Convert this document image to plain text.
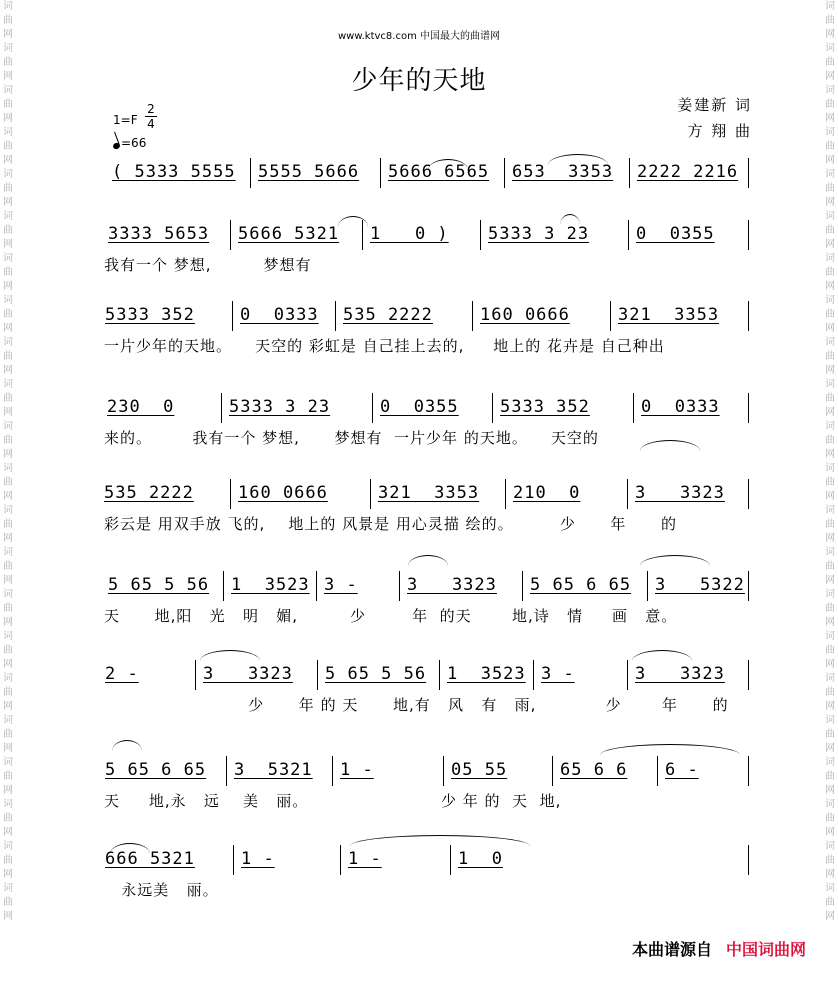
词
曲
网
词
曲
网
词
曲
网
词
曲
网
词
曲
网
词
曲
网
词
曲
网
词
曲
网
词
曲
网
词
曲
网
词
曲
网
词
曲
网
词
曲
网
词
曲
网
词
曲
网
词
曲
网
词
曲
网
词
曲
网
词
曲
网
词
曲
网
词
曲
网
词
曲
网
词
曲
网
词
曲
网
词
曲
网
词
曲
网
词
曲
网
词
曲
网
词
曲
网
词
曲
网
词
曲
网
词
曲
网
词
曲
网
词
曲
网
词
曲
网
词
曲
网
词
曲
网
词
曲
网
词
曲
网
词
曲
网
词
曲
网
词
曲
网
词
曲
网
词
曲
网
www.ktvc8.com 中国最大的曲谱网
少年的天地
姜建新 词
方 翔 曲
$1=F \frac{2}{4}$
=66
( 5333 5555 5555 5666 5666 6565 653  3353 2222 2216
3333 5653 5666 5321 1   0 ) 5333 3 23	0  0355
我有一个 梦想,         梦想有
5333 352	0  0333 535 2222	160 0666	321  3353
一片少年的天地。    天空的 彩虹是 自己挂上去的,     地上的 花卉是 自己种出
230  0	5333 3 23	0  0355 5333 352	0  0333
来的。       我有一个 梦想,      梦想有  一片少年 的天地。    天空的
535 2222	160 0666	321  3353 210  0	3   3323
彩云是 用双手放 飞的,    地上的 风景是 用心灵描 绘的。        少      年      的
5 65 5 56 1  3523 3 -	3   3323 5 65 6 65 3   5322
天      地,阳   光   明   媚,         少        年  的天       地,诗   情     画   意。
2 -	3   3323 5 65 5 56 1  3523 3 -	3   3323
少      年 的 天      地,有   风   有   雨,            少       年      的
5 65 6 65 3  5321 1 -	05 55	65 6 6 6 -
天     地,永   远    美   丽。                       少 年 的  天  地,
666 5321	1 -	1 -	1  0
永远美   丽。
本曲谱源自 中国词曲网
